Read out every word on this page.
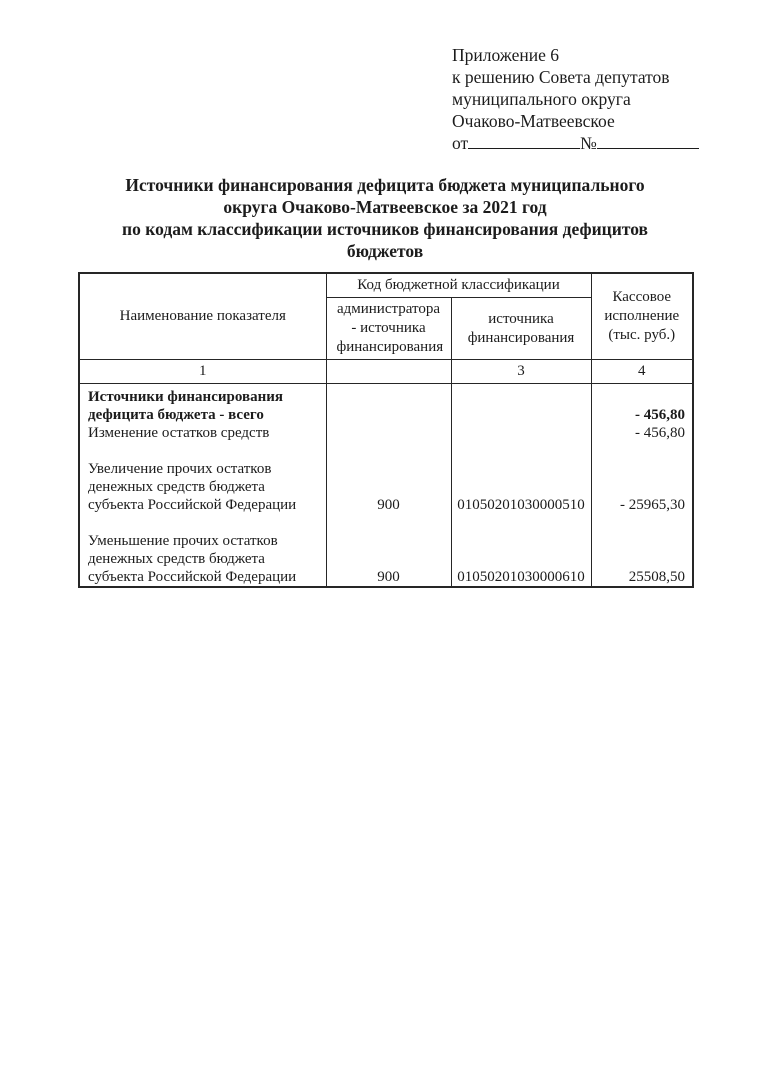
Приложение 6
к решению Совета депутатов
муниципального округа
Очаково-Матвеевское
от	№
Источники финансирования дефицита бюджета муниципального
округа Очаково-Матвеевское за 2021 год
по кодам классификации источников финансирования дефицитов
бюджетов
Наименование показателя	Код бюджетной классификации		Кассовое исполнение (тыс. руб.)
	администратора - источника финансирования	источника финансирования	
1		3	4
Источники финансирования дефицита бюджета - всего			- 456,80
Изменение остатков средств			- 456,80

Увеличение прочих остатков денежных средств бюджета субъекта Российской Федерации	900	01050201030000510	- 25965,30

Уменьшение прочих остатков денежных средств бюджета субъекта Российской Федерации	900	01050201030000610	25508,50
